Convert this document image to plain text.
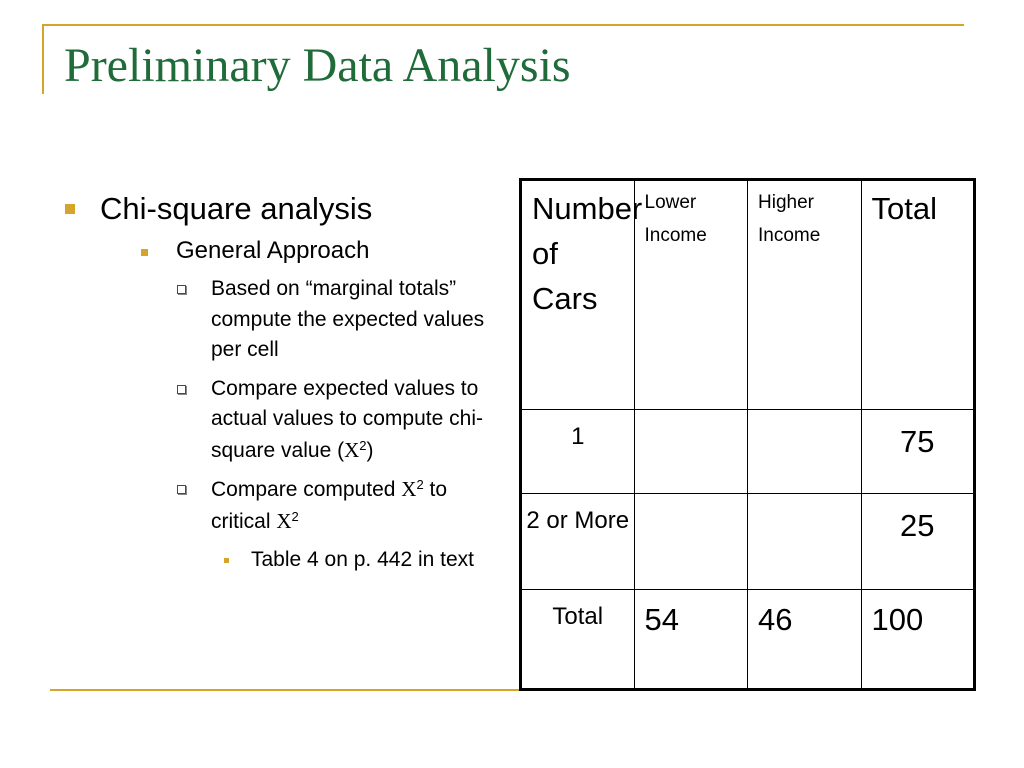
Preliminary Data Analysis
Chi-square analysis
General Approach
Based on “marginal totals” compute the expected values per cell
Compare expected values to actual values to compute chi-square value $(X^2)$
Compare computed $X^2$ to critical $X^2$
Table 4 on p. 442 in text
Number of Cars	Lower Income	Higher Income	Total
1			75
2 or More			25
Total	54	46	100
